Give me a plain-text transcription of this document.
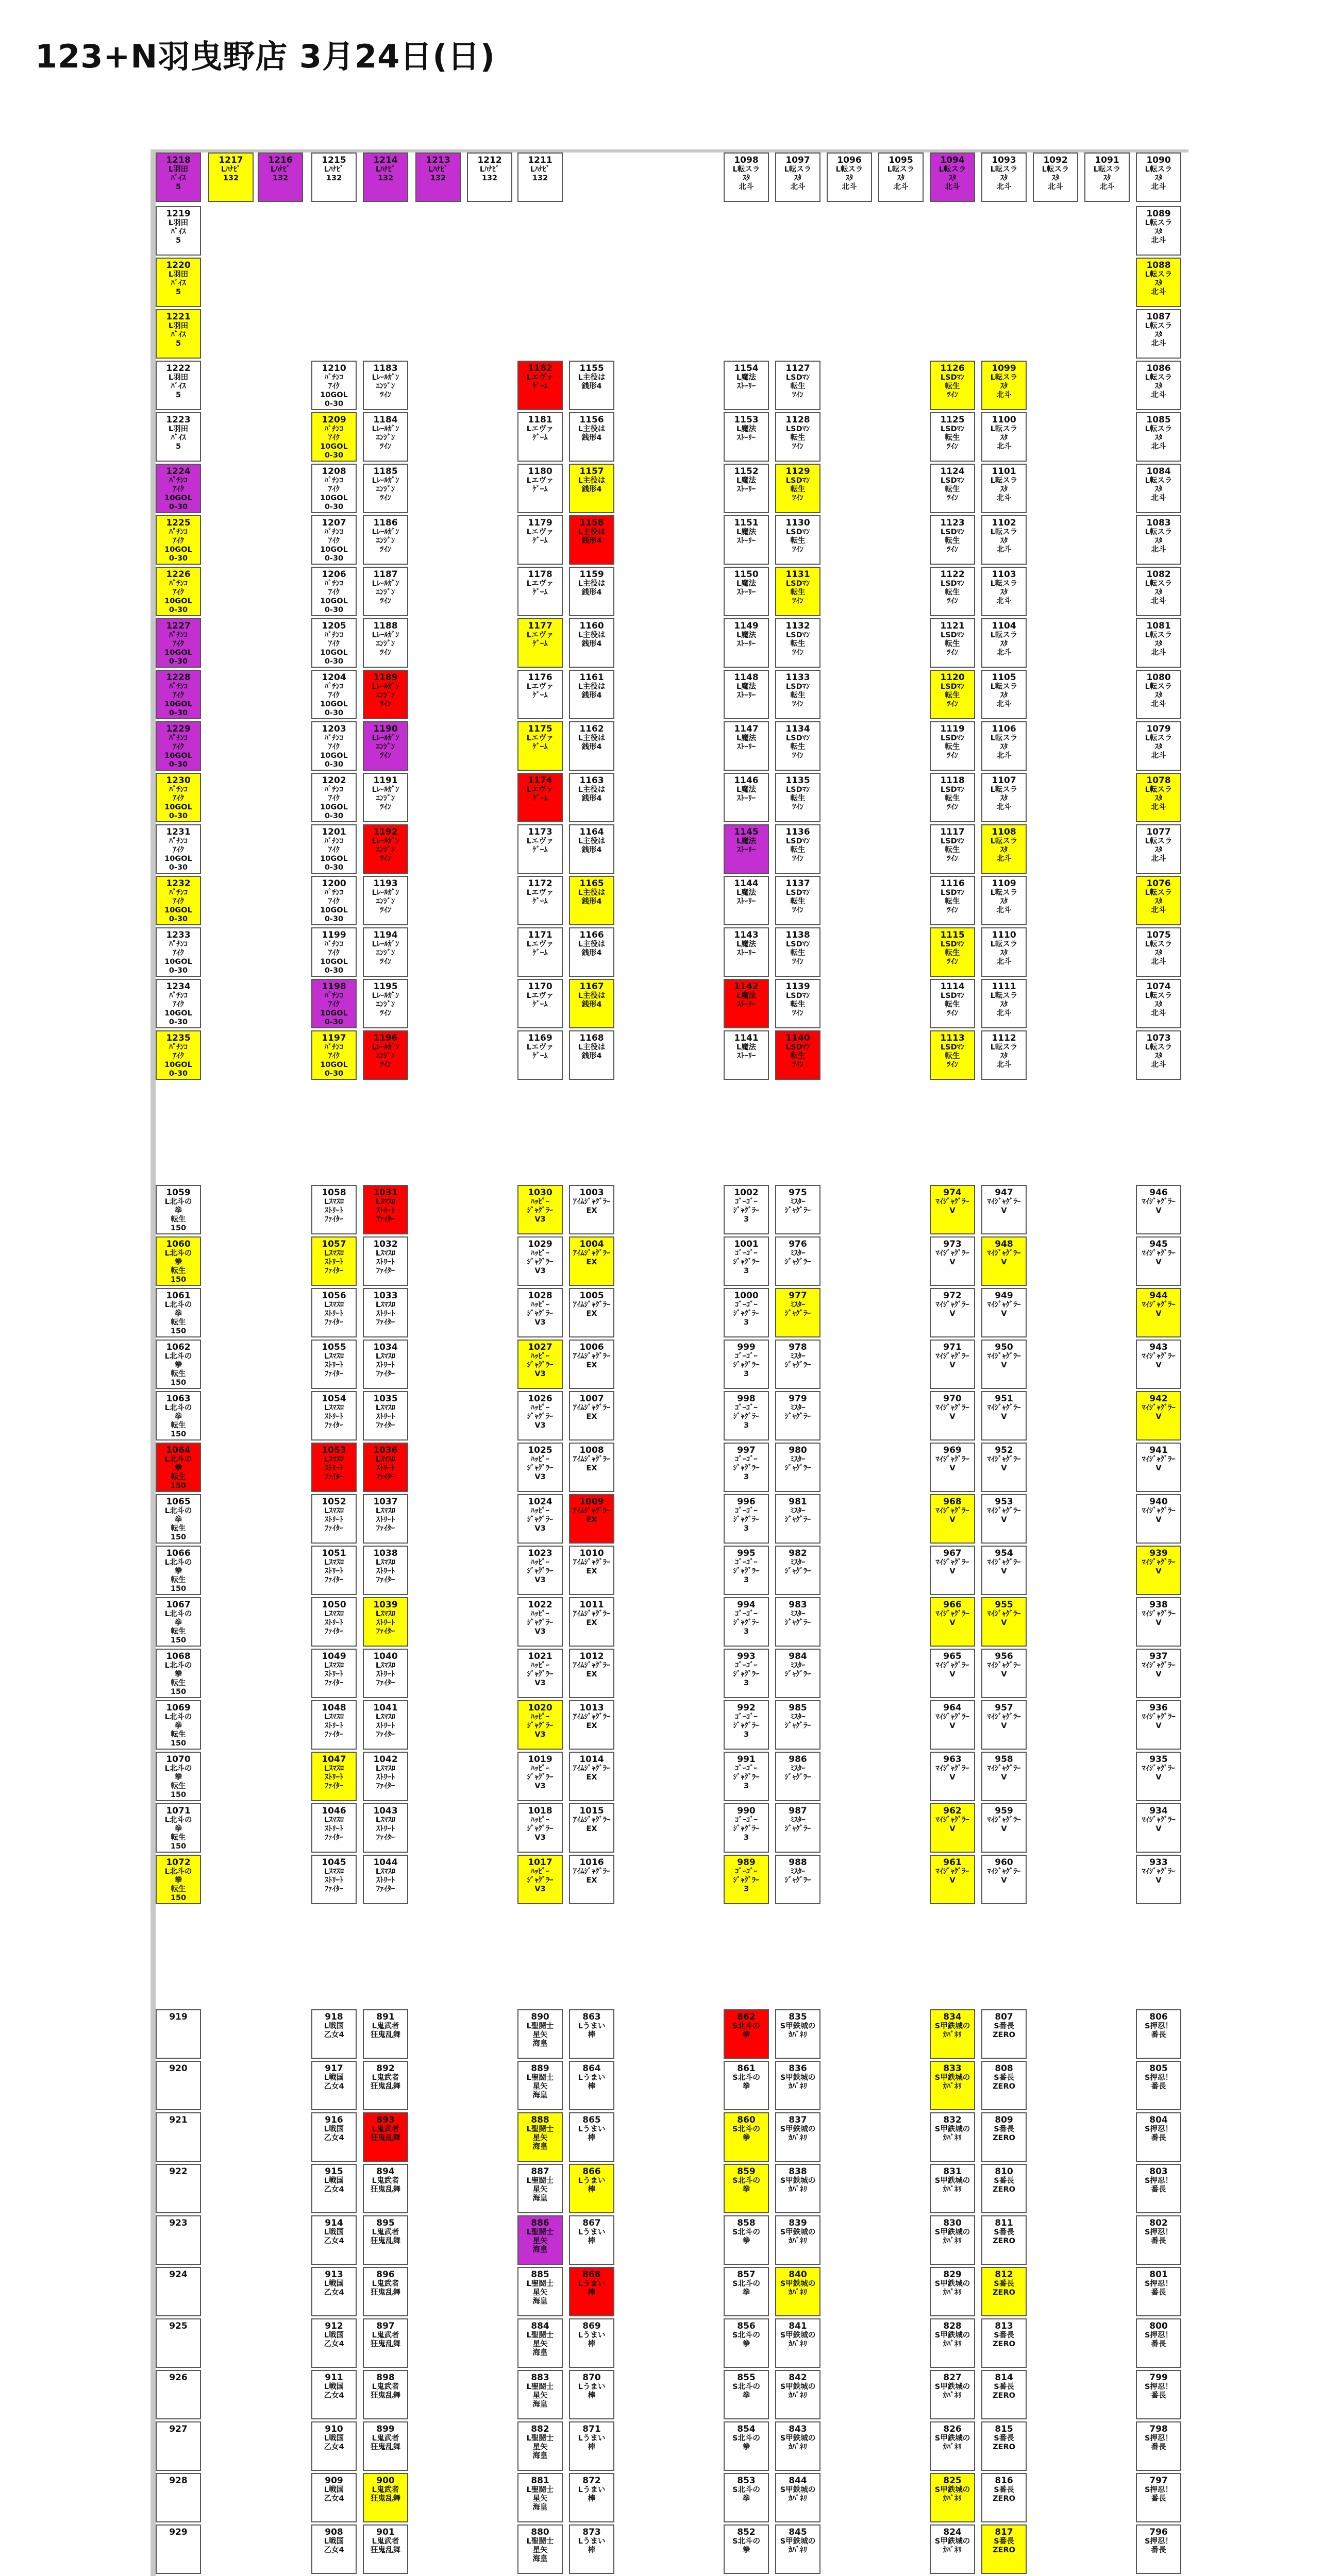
123+N羽曳野店 3月24日(日)
1218
L羽田
ﾊﾞｲｽ
5
1219
L羽田
ﾊﾞｲｽ
5
1220
L羽田
ﾊﾞｲｽ
5
1221
L羽田
ﾊﾞｲｽ
5
1222
L羽田
ﾊﾞｲｽ
5
1223
L羽田
ﾊﾞｲｽ
5
1224
ﾊﾟﾁﾝｺ
ｱｲｸ
10GOL
0-30
1225
ﾊﾟﾁﾝｺ
ｱｲｸ
10GOL
0-30
1226
ﾊﾟﾁﾝｺ
ｱｲｸ
10GOL
0-30
1227
ﾊﾟﾁﾝｺ
ｱｲｸ
10GOL
0-30
1228
ﾊﾟﾁﾝｺ
ｱｲｸ
10GOL
0-30
1229
ﾊﾟﾁﾝｺ
ｱｲｸ
10GOL
0-30
1230
ﾊﾟﾁﾝｺ
ｱｲｸ
10GOL
0-30
1231
ﾊﾟﾁﾝｺ
ｱｲｸ
10GOL
0-30
1232
ﾊﾟﾁﾝｺ
ｱｲｸ
10GOL
0-30
1233
ﾊﾟﾁﾝｺ
ｱｲｸ
10GOL
0-30
1234
ﾊﾟﾁﾝｺ
ｱｲｸ
10GOL
0-30
1235
ﾊﾟﾁﾝｺ
ｱｲｸ
10GOL
0-30
1059
L北斗の
拳
転生
150
1060
L北斗の
拳
転生
150
1061
L北斗の
拳
転生
150
1062
L北斗の
拳
転生
150
1063
L北斗の
拳
転生
150
1064
L北斗の
拳
転生
150
1065
L北斗の
拳
転生
150
1066
L北斗の
拳
転生
150
1067
L北斗の
拳
転生
150
1068
L北斗の
拳
転生
150
1069
L北斗の
拳
転生
150
1070
L北斗の
拳
転生
150
1071
L北斗の
拳
転生
150
1072
L北斗の
拳
転生
150
919
920
921
922
923
924
925
926
927
928
929
1217
Lﾊﾅﾋﾞ
132
1216
Lﾊﾅﾋﾞ
132
1215
Lﾊﾅﾋﾞ
132
1210
ﾊﾟﾁﾝｺ
ｱｲｸ
10GOL
0-30
1209
ﾊﾟﾁﾝｺ
ｱｲｸ
10GOL
0-30
1208
ﾊﾟﾁﾝｺ
ｱｲｸ
10GOL
0-30
1207
ﾊﾟﾁﾝｺ
ｱｲｸ
10GOL
0-30
1206
ﾊﾟﾁﾝｺ
ｱｲｸ
10GOL
0-30
1205
ﾊﾟﾁﾝｺ
ｱｲｸ
10GOL
0-30
1204
ﾊﾟﾁﾝｺ
ｱｲｸ
10GOL
0-30
1203
ﾊﾟﾁﾝｺ
ｱｲｸ
10GOL
0-30
1202
ﾊﾟﾁﾝｺ
ｱｲｸ
10GOL
0-30
1201
ﾊﾟﾁﾝｺ
ｱｲｸ
10GOL
0-30
1200
ﾊﾟﾁﾝｺ
ｱｲｸ
10GOL
0-30
1199
ﾊﾟﾁﾝｺ
ｱｲｸ
10GOL
0-30
1198
ﾊﾟﾁﾝｺ
ｱｲｸ
10GOL
0-30
1197
ﾊﾟﾁﾝｺ
ｱｲｸ
10GOL
0-30
1058
Lｽﾏｽﾛ
ｽﾄﾘｰﾄ
ﾌｧｲﾀｰ
1057
Lｽﾏｽﾛ
ｽﾄﾘｰﾄ
ﾌｧｲﾀｰ
1056
Lｽﾏｽﾛ
ｽﾄﾘｰﾄ
ﾌｧｲﾀｰ
1055
Lｽﾏｽﾛ
ｽﾄﾘｰﾄ
ﾌｧｲﾀｰ
1054
Lｽﾏｽﾛ
ｽﾄﾘｰﾄ
ﾌｧｲﾀｰ
1053
Lｽﾏｽﾛ
ｽﾄﾘｰﾄ
ﾌｧｲﾀｰ
1052
Lｽﾏｽﾛ
ｽﾄﾘｰﾄ
ﾌｧｲﾀｰ
1051
Lｽﾏｽﾛ
ｽﾄﾘｰﾄ
ﾌｧｲﾀｰ
1050
Lｽﾏｽﾛ
ｽﾄﾘｰﾄ
ﾌｧｲﾀｰ
1049
Lｽﾏｽﾛ
ｽﾄﾘｰﾄ
ﾌｧｲﾀｰ
1048
Lｽﾏｽﾛ
ｽﾄﾘｰﾄ
ﾌｧｲﾀｰ
1047
Lｽﾏｽﾛ
ｽﾄﾘｰﾄ
ﾌｧｲﾀｰ
1046
Lｽﾏｽﾛ
ｽﾄﾘｰﾄ
ﾌｧｲﾀｰ
1045
Lｽﾏｽﾛ
ｽﾄﾘｰﾄ
ﾌｧｲﾀｰ
918
L戦国
乙女4
917
L戦国
乙女4
916
L戦国
乙女4
915
L戦国
乙女4
914
L戦国
乙女4
913
L戦国
乙女4
912
L戦国
乙女4
911
L戦国
乙女4
910
L戦国
乙女4
909
L戦国
乙女4
908
L戦国
乙女4
1214
Lﾊﾅﾋﾞ
132
1183
Lﾚｰﾙｶﾞﾝ
ｴﾝｼﾞﾝ
ﾂｲﾝ
1184
Lﾚｰﾙｶﾞﾝ
ｴﾝｼﾞﾝ
ﾂｲﾝ
1185
Lﾚｰﾙｶﾞﾝ
ｴﾝｼﾞﾝ
ﾂｲﾝ
1186
Lﾚｰﾙｶﾞﾝ
ｴﾝｼﾞﾝ
ﾂｲﾝ
1187
Lﾚｰﾙｶﾞﾝ
ｴﾝｼﾞﾝ
ﾂｲﾝ
1188
Lﾚｰﾙｶﾞﾝ
ｴﾝｼﾞﾝ
ﾂｲﾝ
1189
Lﾚｰﾙｶﾞﾝ
ｴﾝｼﾞﾝ
ﾂｲﾝ
1190
Lﾚｰﾙｶﾞﾝ
ｴﾝｼﾞﾝ
ﾂｲﾝ
1191
Lﾚｰﾙｶﾞﾝ
ｴﾝｼﾞﾝ
ﾂｲﾝ
1192
Lﾚｰﾙｶﾞﾝ
ｴﾝｼﾞﾝ
ﾂｲﾝ
1193
Lﾚｰﾙｶﾞﾝ
ｴﾝｼﾞﾝ
ﾂｲﾝ
1194
Lﾚｰﾙｶﾞﾝ
ｴﾝｼﾞﾝ
ﾂｲﾝ
1195
Lﾚｰﾙｶﾞﾝ
ｴﾝｼﾞﾝ
ﾂｲﾝ
1196
Lﾚｰﾙｶﾞﾝ
ｴﾝｼﾞﾝ
ﾂｲﾝ
1031
Lｽﾏｽﾛ
ｽﾄﾘｰﾄ
ﾌｧｲﾀｰ
1032
Lｽﾏｽﾛ
ｽﾄﾘｰﾄ
ﾌｧｲﾀｰ
1033
Lｽﾏｽﾛ
ｽﾄﾘｰﾄ
ﾌｧｲﾀｰ
1034
Lｽﾏｽﾛ
ｽﾄﾘｰﾄ
ﾌｧｲﾀｰ
1035
Lｽﾏｽﾛ
ｽﾄﾘｰﾄ
ﾌｧｲﾀｰ
1036
Lｽﾏｽﾛ
ｽﾄﾘｰﾄ
ﾌｧｲﾀｰ
1037
Lｽﾏｽﾛ
ｽﾄﾘｰﾄ
ﾌｧｲﾀｰ
1038
Lｽﾏｽﾛ
ｽﾄﾘｰﾄ
ﾌｧｲﾀｰ
1039
Lｽﾏｽﾛ
ｽﾄﾘｰﾄ
ﾌｧｲﾀｰ
1040
Lｽﾏｽﾛ
ｽﾄﾘｰﾄ
ﾌｧｲﾀｰ
1041
Lｽﾏｽﾛ
ｽﾄﾘｰﾄ
ﾌｧｲﾀｰ
1042
Lｽﾏｽﾛ
ｽﾄﾘｰﾄ
ﾌｧｲﾀｰ
1043
Lｽﾏｽﾛ
ｽﾄﾘｰﾄ
ﾌｧｲﾀｰ
1044
Lｽﾏｽﾛ
ｽﾄﾘｰﾄ
ﾌｧｲﾀｰ
891
L鬼武者
狂鬼乱舞
892
L鬼武者
狂鬼乱舞
893
L鬼武者
狂鬼乱舞
894
L鬼武者
狂鬼乱舞
895
L鬼武者
狂鬼乱舞
896
L鬼武者
狂鬼乱舞
897
L鬼武者
狂鬼乱舞
898
L鬼武者
狂鬼乱舞
899
L鬼武者
狂鬼乱舞
900
L鬼武者
狂鬼乱舞
901
L鬼武者
狂鬼乱舞
1213
Lﾊﾅﾋﾞ
132
1212
Lﾊﾅﾋﾞ
132
1211
Lﾊﾅﾋﾞ
132
1182
Lエヴァ
ｹﾞｰﾑ
1181
Lエヴァ
ｹﾞｰﾑ
1180
Lエヴァ
ｹﾞｰﾑ
1179
Lエヴァ
ｹﾞｰﾑ
1178
Lエヴァ
ｹﾞｰﾑ
1177
Lエヴァ
ｹﾞｰﾑ
1176
Lエヴァ
ｹﾞｰﾑ
1175
Lエヴァ
ｹﾞｰﾑ
1174
Lエヴァ
ｹﾞｰﾑ
1173
Lエヴァ
ｹﾞｰﾑ
1172
Lエヴァ
ｹﾞｰﾑ
1171
Lエヴァ
ｹﾞｰﾑ
1170
Lエヴァ
ｹﾞｰﾑ
1169
Lエヴァ
ｹﾞｰﾑ
1030
ﾊｯﾋﾟｰ
ｼﾞｬｸﾞﾗｰ
V3
1029
ﾊｯﾋﾟｰ
ｼﾞｬｸﾞﾗｰ
V3
1028
ﾊｯﾋﾟｰ
ｼﾞｬｸﾞﾗｰ
V3
1027
ﾊｯﾋﾟｰ
ｼﾞｬｸﾞﾗｰ
V3
1026
ﾊｯﾋﾟｰ
ｼﾞｬｸﾞﾗｰ
V3
1025
ﾊｯﾋﾟｰ
ｼﾞｬｸﾞﾗｰ
V3
1024
ﾊｯﾋﾟｰ
ｼﾞｬｸﾞﾗｰ
V3
1023
ﾊｯﾋﾟｰ
ｼﾞｬｸﾞﾗｰ
V3
1022
ﾊｯﾋﾟｰ
ｼﾞｬｸﾞﾗｰ
V3
1021
ﾊｯﾋﾟｰ
ｼﾞｬｸﾞﾗｰ
V3
1020
ﾊｯﾋﾟｰ
ｼﾞｬｸﾞﾗｰ
V3
1019
ﾊｯﾋﾟｰ
ｼﾞｬｸﾞﾗｰ
V3
1018
ﾊｯﾋﾟｰ
ｼﾞｬｸﾞﾗｰ
V3
1017
ﾊｯﾋﾟｰ
ｼﾞｬｸﾞﾗｰ
V3
890
L聖闘士
星矢
海皇
889
L聖闘士
星矢
海皇
888
L聖闘士
星矢
海皇
887
L聖闘士
星矢
海皇
886
L聖闘士
星矢
海皇
885
L聖闘士
星矢
海皇
884
L聖闘士
星矢
海皇
883
L聖闘士
星矢
海皇
882
L聖闘士
星矢
海皇
881
L聖闘士
星矢
海皇
880
L聖闘士
星矢
海皇
1155
L主役は
銭形4
1156
L主役は
銭形4
1157
L主役は
銭形4
1158
L主役は
銭形4
1159
L主役は
銭形4
1160
L主役は
銭形4
1161
L主役は
銭形4
1162
L主役は
銭形4
1163
L主役は
銭形4
1164
L主役は
銭形4
1165
L主役は
銭形4
1166
L主役は
銭形4
1167
L主役は
銭形4
1168
L主役は
銭形4
1003
ｱｲﾑｼﾞｬｸﾞﾗｰ
EX
1004
ｱｲﾑｼﾞｬｸﾞﾗｰ
EX
1005
ｱｲﾑｼﾞｬｸﾞﾗｰ
EX
1006
ｱｲﾑｼﾞｬｸﾞﾗｰ
EX
1007
ｱｲﾑｼﾞｬｸﾞﾗｰ
EX
1008
ｱｲﾑｼﾞｬｸﾞﾗｰ
EX
1009
ｱｲﾑｼﾞｬｸﾞﾗｰ
EX
1010
ｱｲﾑｼﾞｬｸﾞﾗｰ
EX
1011
ｱｲﾑｼﾞｬｸﾞﾗｰ
EX
1012
ｱｲﾑｼﾞｬｸﾞﾗｰ
EX
1013
ｱｲﾑｼﾞｬｸﾞﾗｰ
EX
1014
ｱｲﾑｼﾞｬｸﾞﾗｰ
EX
1015
ｱｲﾑｼﾞｬｸﾞﾗｰ
EX
1016
ｱｲﾑｼﾞｬｸﾞﾗｰ
EX
863
Lうまい
棒
864
Lうまい
棒
865
Lうまい
棒
866
Lうまい
棒
867
Lうまい
棒
868
Lうまい
棒
869
Lうまい
棒
870
Lうまい
棒
871
Lうまい
棒
872
Lうまい
棒
873
Lうまい
棒
1098
L転スラ
ｽﾀ
北斗
1154
L魔法
ｽﾄｰﾘｰ
1153
L魔法
ｽﾄｰﾘｰ
1152
L魔法
ｽﾄｰﾘｰ
1151
L魔法
ｽﾄｰﾘｰ
1150
L魔法
ｽﾄｰﾘｰ
1149
L魔法
ｽﾄｰﾘｰ
1148
L魔法
ｽﾄｰﾘｰ
1147
L魔法
ｽﾄｰﾘｰ
1146
L魔法
ｽﾄｰﾘｰ
1145
L魔法
ｽﾄｰﾘｰ
1144
L魔法
ｽﾄｰﾘｰ
1143
L魔法
ｽﾄｰﾘｰ
1142
L魔法
ｽﾄｰﾘｰ
1141
L魔法
ｽﾄｰﾘｰ
1002
ｺﾞｰｺﾞｰ
ｼﾞｬｸﾞﾗｰ
3
1001
ｺﾞｰｺﾞｰ
ｼﾞｬｸﾞﾗｰ
3
1000
ｺﾞｰｺﾞｰ
ｼﾞｬｸﾞﾗｰ
3
999
ｺﾞｰｺﾞｰ
ｼﾞｬｸﾞﾗｰ
3
998
ｺﾞｰｺﾞｰ
ｼﾞｬｸﾞﾗｰ
3
997
ｺﾞｰｺﾞｰ
ｼﾞｬｸﾞﾗｰ
3
996
ｺﾞｰｺﾞｰ
ｼﾞｬｸﾞﾗｰ
3
995
ｺﾞｰｺﾞｰ
ｼﾞｬｸﾞﾗｰ
3
994
ｺﾞｰｺﾞｰ
ｼﾞｬｸﾞﾗｰ
3
993
ｺﾞｰｺﾞｰ
ｼﾞｬｸﾞﾗｰ
3
992
ｺﾞｰｺﾞｰ
ｼﾞｬｸﾞﾗｰ
3
991
ｺﾞｰｺﾞｰ
ｼﾞｬｸﾞﾗｰ
3
990
ｺﾞｰｺﾞｰ
ｼﾞｬｸﾞﾗｰ
3
989
ｺﾞｰｺﾞｰ
ｼﾞｬｸﾞﾗｰ
3
862
S北斗の
拳
861
S北斗の
拳
860
S北斗の
拳
859
S北斗の
拳
858
S北斗の
拳
857
S北斗の
拳
856
S北斗の
拳
855
S北斗の
拳
854
S北斗の
拳
853
S北斗の
拳
852
S北斗の
拳
1097
L転スラ
ｽﾀ
北斗
1127
LSDﾏﾝ
転生
ﾂｲﾝ
1128
LSDﾏﾝ
転生
ﾂｲﾝ
1129
LSDﾏﾝ
転生
ﾂｲﾝ
1130
LSDﾏﾝ
転生
ﾂｲﾝ
1131
LSDﾏﾝ
転生
ﾂｲﾝ
1132
LSDﾏﾝ
転生
ﾂｲﾝ
1133
LSDﾏﾝ
転生
ﾂｲﾝ
1134
LSDﾏﾝ
転生
ﾂｲﾝ
1135
LSDﾏﾝ
転生
ﾂｲﾝ
1136
LSDﾏﾝ
転生
ﾂｲﾝ
1137
LSDﾏﾝ
転生
ﾂｲﾝ
1138
LSDﾏﾝ
転生
ﾂｲﾝ
1139
LSDﾏﾝ
転生
ﾂｲﾝ
1140
LSDﾏﾝ
転生
ﾂｲﾝ
975
ﾐｽﾀｰ
ｼﾞｬｸﾞﾗｰ
976
ﾐｽﾀｰ
ｼﾞｬｸﾞﾗｰ
977
ﾐｽﾀｰ
ｼﾞｬｸﾞﾗｰ
978
ﾐｽﾀｰ
ｼﾞｬｸﾞﾗｰ
979
ﾐｽﾀｰ
ｼﾞｬｸﾞﾗｰ
980
ﾐｽﾀｰ
ｼﾞｬｸﾞﾗｰ
981
ﾐｽﾀｰ
ｼﾞｬｸﾞﾗｰ
982
ﾐｽﾀｰ
ｼﾞｬｸﾞﾗｰ
983
ﾐｽﾀｰ
ｼﾞｬｸﾞﾗｰ
984
ﾐｽﾀｰ
ｼﾞｬｸﾞﾗｰ
985
ﾐｽﾀｰ
ｼﾞｬｸﾞﾗｰ
986
ﾐｽﾀｰ
ｼﾞｬｸﾞﾗｰ
987
ﾐｽﾀｰ
ｼﾞｬｸﾞﾗｰ
988
ﾐｽﾀｰ
ｼﾞｬｸﾞﾗｰ
835
S甲鉄城の
ｶﾊﾞﾈﾘ
836
S甲鉄城の
ｶﾊﾞﾈﾘ
837
S甲鉄城の
ｶﾊﾞﾈﾘ
838
S甲鉄城の
ｶﾊﾞﾈﾘ
839
S甲鉄城の
ｶﾊﾞﾈﾘ
840
S甲鉄城の
ｶﾊﾞﾈﾘ
841
S甲鉄城の
ｶﾊﾞﾈﾘ
842
S甲鉄城の
ｶﾊﾞﾈﾘ
843
S甲鉄城の
ｶﾊﾞﾈﾘ
844
S甲鉄城の
ｶﾊﾞﾈﾘ
845
S甲鉄城の
ｶﾊﾞﾈﾘ
1096
L転スラ
ｽﾀ
北斗
1095
L転スラ
ｽﾀ
北斗
1094
L転スラ
ｽﾀ
北斗
1126
LSDﾏﾝ
転生
ﾂｲﾝ
1125
LSDﾏﾝ
転生
ﾂｲﾝ
1124
LSDﾏﾝ
転生
ﾂｲﾝ
1123
LSDﾏﾝ
転生
ﾂｲﾝ
1122
LSDﾏﾝ
転生
ﾂｲﾝ
1121
LSDﾏﾝ
転生
ﾂｲﾝ
1120
LSDﾏﾝ
転生
ﾂｲﾝ
1119
LSDﾏﾝ
転生
ﾂｲﾝ
1118
LSDﾏﾝ
転生
ﾂｲﾝ
1117
LSDﾏﾝ
転生
ﾂｲﾝ
1116
LSDﾏﾝ
転生
ﾂｲﾝ
1115
LSDﾏﾝ
転生
ﾂｲﾝ
1114
LSDﾏﾝ
転生
ﾂｲﾝ
1113
LSDﾏﾝ
転生
ﾂｲﾝ
974
ﾏｲｼﾞｬｸﾞﾗｰ
V
973
ﾏｲｼﾞｬｸﾞﾗｰ
V
972
ﾏｲｼﾞｬｸﾞﾗｰ
V
971
ﾏｲｼﾞｬｸﾞﾗｰ
V
970
ﾏｲｼﾞｬｸﾞﾗｰ
V
969
ﾏｲｼﾞｬｸﾞﾗｰ
V
968
ﾏｲｼﾞｬｸﾞﾗｰ
V
967
ﾏｲｼﾞｬｸﾞﾗｰ
V
966
ﾏｲｼﾞｬｸﾞﾗｰ
V
965
ﾏｲｼﾞｬｸﾞﾗｰ
V
964
ﾏｲｼﾞｬｸﾞﾗｰ
V
963
ﾏｲｼﾞｬｸﾞﾗｰ
V
962
ﾏｲｼﾞｬｸﾞﾗｰ
V
961
ﾏｲｼﾞｬｸﾞﾗｰ
V
834
S甲鉄城の
ｶﾊﾞﾈﾘ
833
S甲鉄城の
ｶﾊﾞﾈﾘ
832
S甲鉄城の
ｶﾊﾞﾈﾘ
831
S甲鉄城の
ｶﾊﾞﾈﾘ
830
S甲鉄城の
ｶﾊﾞﾈﾘ
829
S甲鉄城の
ｶﾊﾞﾈﾘ
828
S甲鉄城の
ｶﾊﾞﾈﾘ
827
S甲鉄城の
ｶﾊﾞﾈﾘ
826
S甲鉄城の
ｶﾊﾞﾈﾘ
825
S甲鉄城の
ｶﾊﾞﾈﾘ
824
S甲鉄城の
ｶﾊﾞﾈﾘ
1093
L転スラ
ｽﾀ
北斗
1099
L転スラ
ｽﾀ
北斗
1100
L転スラ
ｽﾀ
北斗
1101
L転スラ
ｽﾀ
北斗
1102
L転スラ
ｽﾀ
北斗
1103
L転スラ
ｽﾀ
北斗
1104
L転スラ
ｽﾀ
北斗
1105
L転スラ
ｽﾀ
北斗
1106
L転スラ
ｽﾀ
北斗
1107
L転スラ
ｽﾀ
北斗
1108
L転スラ
ｽﾀ
北斗
1109
L転スラ
ｽﾀ
北斗
1110
L転スラ
ｽﾀ
北斗
1111
L転スラ
ｽﾀ
北斗
1112
L転スラ
ｽﾀ
北斗
947
ﾏｲｼﾞｬｸﾞﾗｰ
V
948
ﾏｲｼﾞｬｸﾞﾗｰ
V
949
ﾏｲｼﾞｬｸﾞﾗｰ
V
950
ﾏｲｼﾞｬｸﾞﾗｰ
V
951
ﾏｲｼﾞｬｸﾞﾗｰ
V
952
ﾏｲｼﾞｬｸﾞﾗｰ
V
953
ﾏｲｼﾞｬｸﾞﾗｰ
V
954
ﾏｲｼﾞｬｸﾞﾗｰ
V
955
ﾏｲｼﾞｬｸﾞﾗｰ
V
956
ﾏｲｼﾞｬｸﾞﾗｰ
V
957
ﾏｲｼﾞｬｸﾞﾗｰ
V
958
ﾏｲｼﾞｬｸﾞﾗｰ
V
959
ﾏｲｼﾞｬｸﾞﾗｰ
V
960
ﾏｲｼﾞｬｸﾞﾗｰ
V
807
S番長
ZERO
808
S番長
ZERO
809
S番長
ZERO
810
S番長
ZERO
811
S番長
ZERO
812
S番長
ZERO
813
S番長
ZERO
814
S番長
ZERO
815
S番長
ZERO
816
S番長
ZERO
817
S番長
ZERO
1092
L転スラ
ｽﾀ
北斗
1091
L転スラ
ｽﾀ
北斗
1090
L転スラ
ｽﾀ
北斗
1089
L転スラ
ｽﾀ
北斗
1088
L転スラ
ｽﾀ
北斗
1087
L転スラ
ｽﾀ
北斗
1086
L転スラ
ｽﾀ
北斗
1085
L転スラ
ｽﾀ
北斗
1084
L転スラ
ｽﾀ
北斗
1083
L転スラ
ｽﾀ
北斗
1082
L転スラ
ｽﾀ
北斗
1081
L転スラ
ｽﾀ
北斗
1080
L転スラ
ｽﾀ
北斗
1079
L転スラ
ｽﾀ
北斗
1078
L転スラ
ｽﾀ
北斗
1077
L転スラ
ｽﾀ
北斗
1076
L転スラ
ｽﾀ
北斗
1075
L転スラ
ｽﾀ
北斗
1074
L転スラ
ｽﾀ
北斗
1073
L転スラ
ｽﾀ
北斗
946
ﾏｲｼﾞｬｸﾞﾗｰ
V
945
ﾏｲｼﾞｬｸﾞﾗｰ
V
944
ﾏｲｼﾞｬｸﾞﾗｰ
V
943
ﾏｲｼﾞｬｸﾞﾗｰ
V
942
ﾏｲｼﾞｬｸﾞﾗｰ
V
941
ﾏｲｼﾞｬｸﾞﾗｰ
V
940
ﾏｲｼﾞｬｸﾞﾗｰ
V
939
ﾏｲｼﾞｬｸﾞﾗｰ
V
938
ﾏｲｼﾞｬｸﾞﾗｰ
V
937
ﾏｲｼﾞｬｸﾞﾗｰ
V
936
ﾏｲｼﾞｬｸﾞﾗｰ
V
935
ﾏｲｼﾞｬｸﾞﾗｰ
V
934
ﾏｲｼﾞｬｸﾞﾗｰ
V
933
ﾏｲｼﾞｬｸﾞﾗｰ
V
806
S押忍！
番長
805
S押忍！
番長
804
S押忍！
番長
803
S押忍！
番長
802
S押忍！
番長
801
S押忍！
番長
800
S押忍！
番長
799
S押忍！
番長
798
S押忍！
番長
797
S押忍！
番長
796
S押忍！
番長
